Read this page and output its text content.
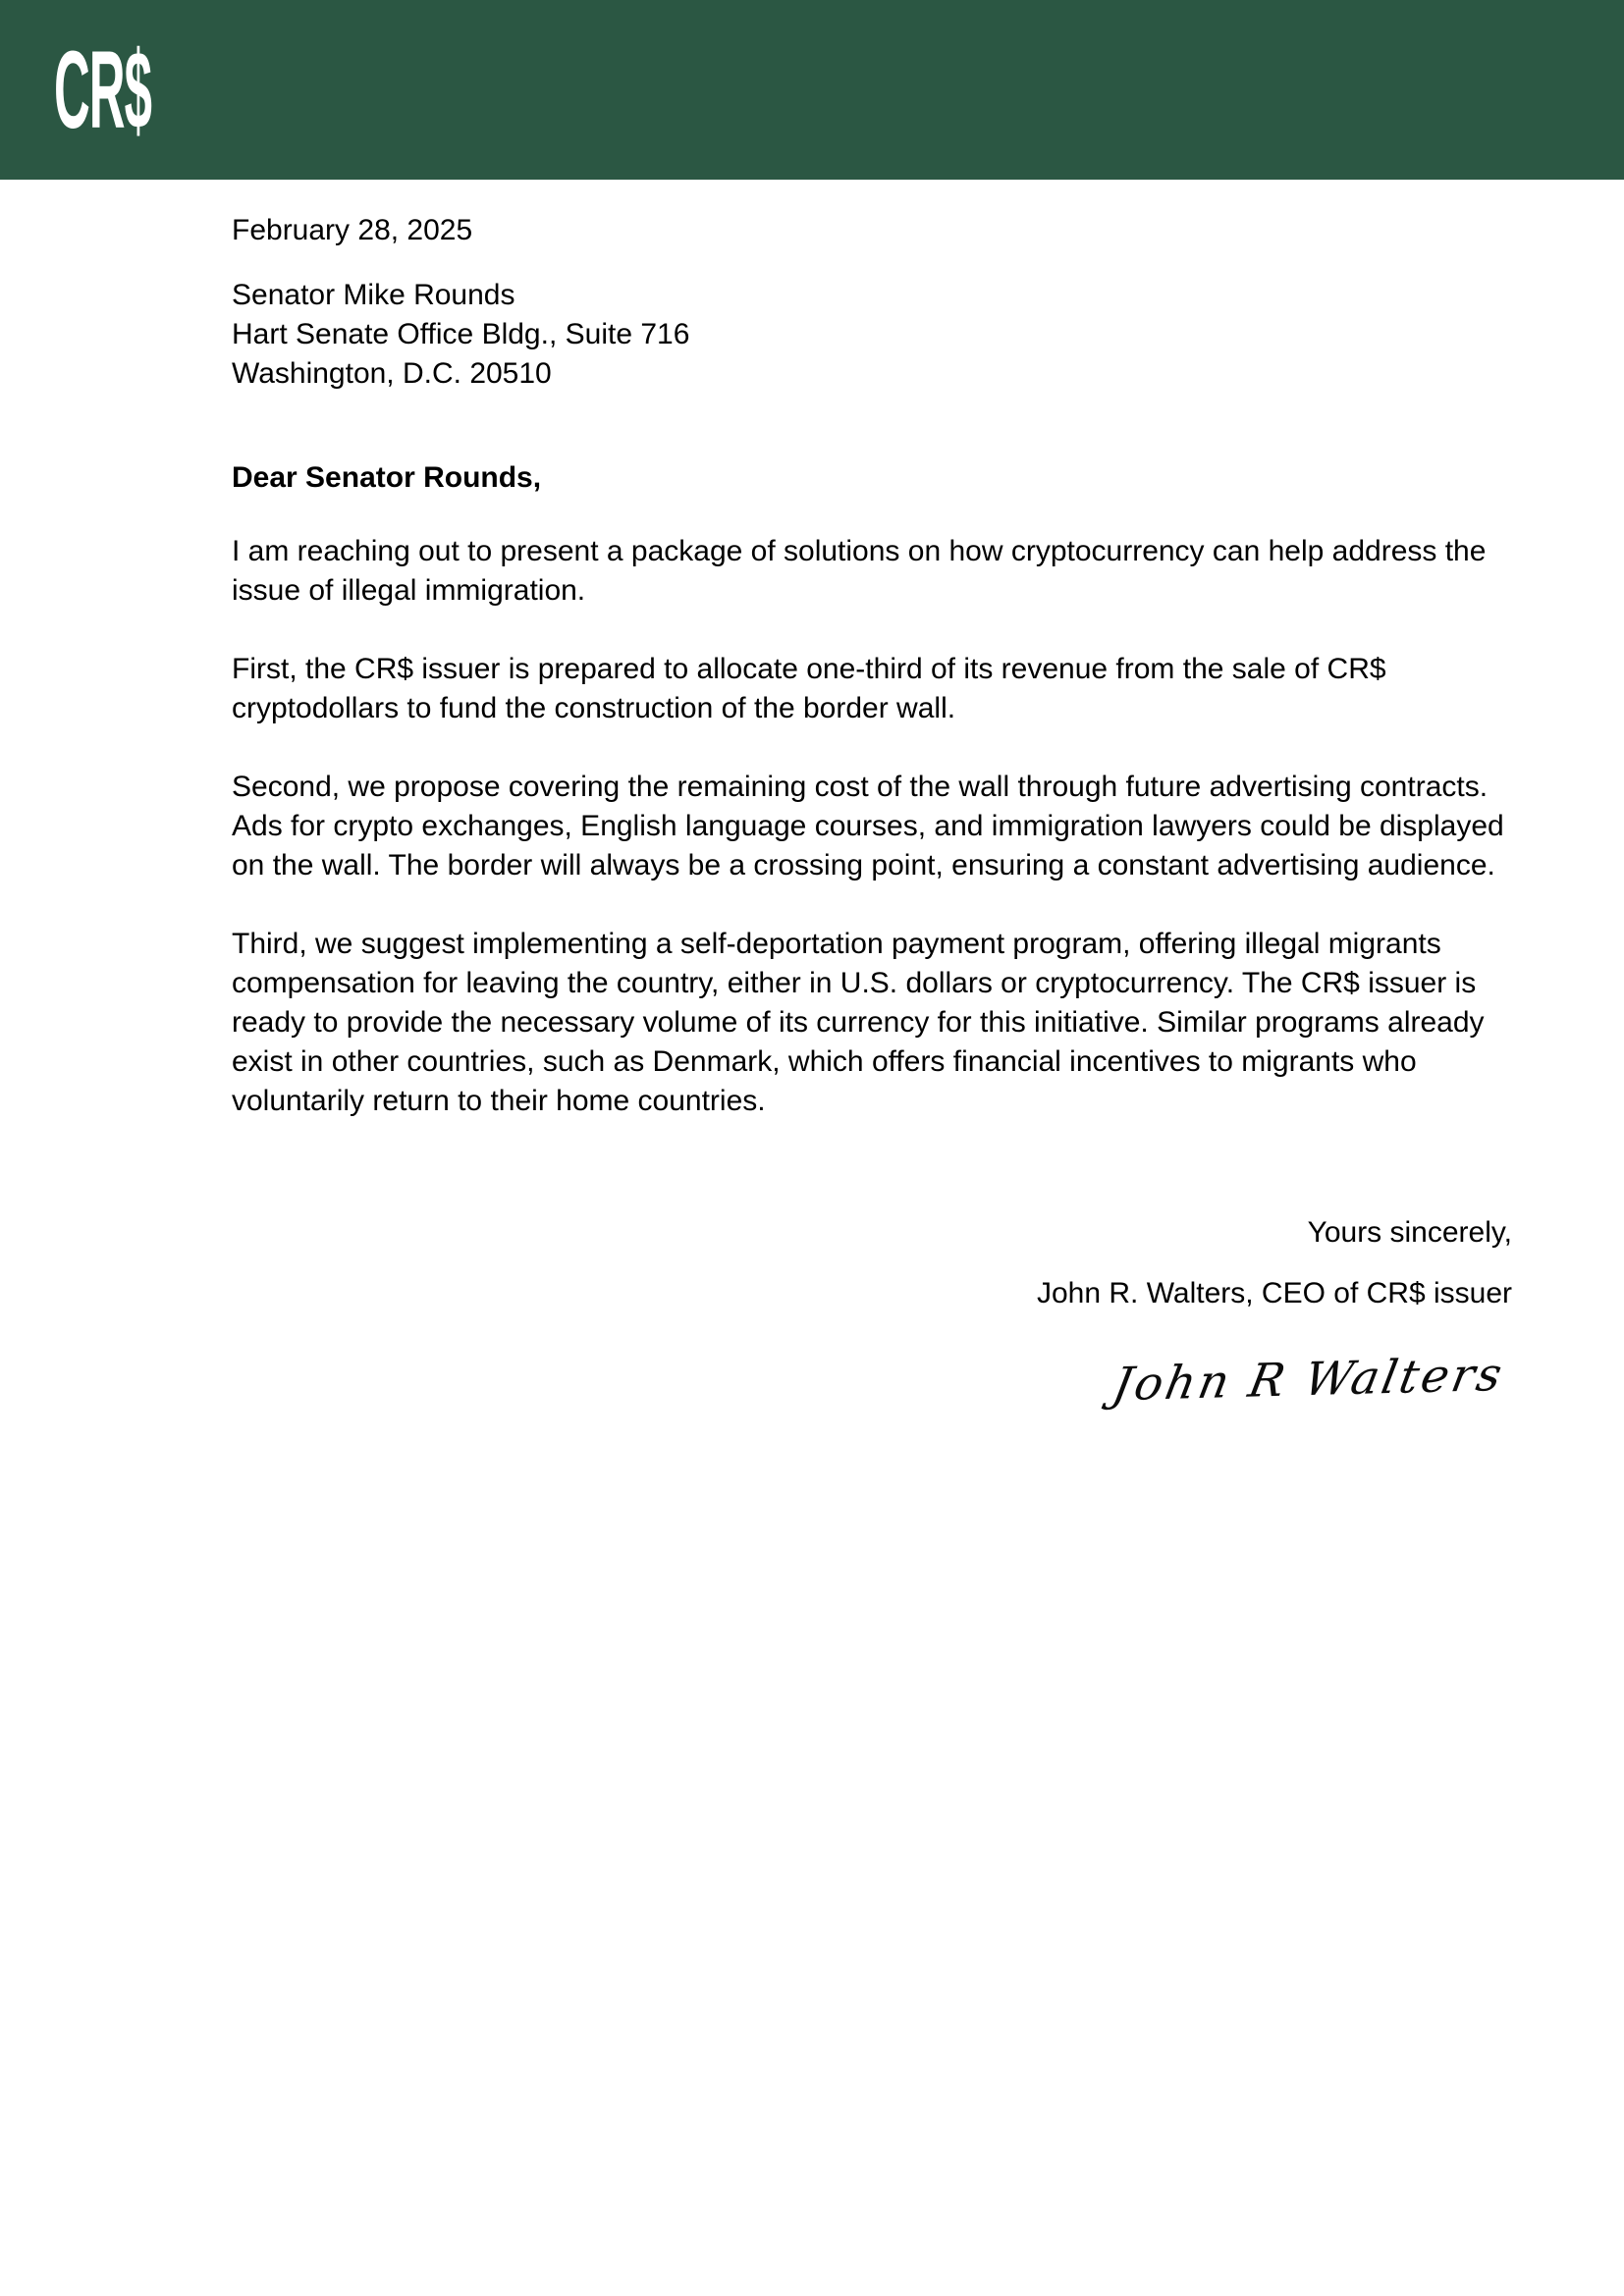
CR$

February 28, 2025

Senator Mike Rounds

Hart Senate Office Bldg., Suite 716

Washington, D.C. 20510

Dear Senator Rounds,

I am reaching out to present a package of solutions on how cryptocurrency can help address the issue of illegal immigration.

First, the CR$ issuer is prepared to allocate one-third of its revenue from the sale of CR$ cryptodollars to fund the construction of the border wall.

Second, we propose covering the remaining cost of the wall through future advertising contracts. Ads for crypto exchanges, English language courses, and immigration lawyers could be displayed on the wall. The border will always be a crossing point, ensuring a constant advertising audience.

Third, we suggest implementing a self-deportation payment program, offering illegal migrants compensation for leaving the country, either in U.S. dollars or cryptocurrency. The CR$ issuer is ready to provide the necessary volume of its currency for this initiative. Similar programs already exist in other countries, such as Denmark, which offers financial incentives to migrants who voluntarily return to their home countries.

Yours sincerely,

John R. Walters, CEO of CR$ issuer

John R Walters
